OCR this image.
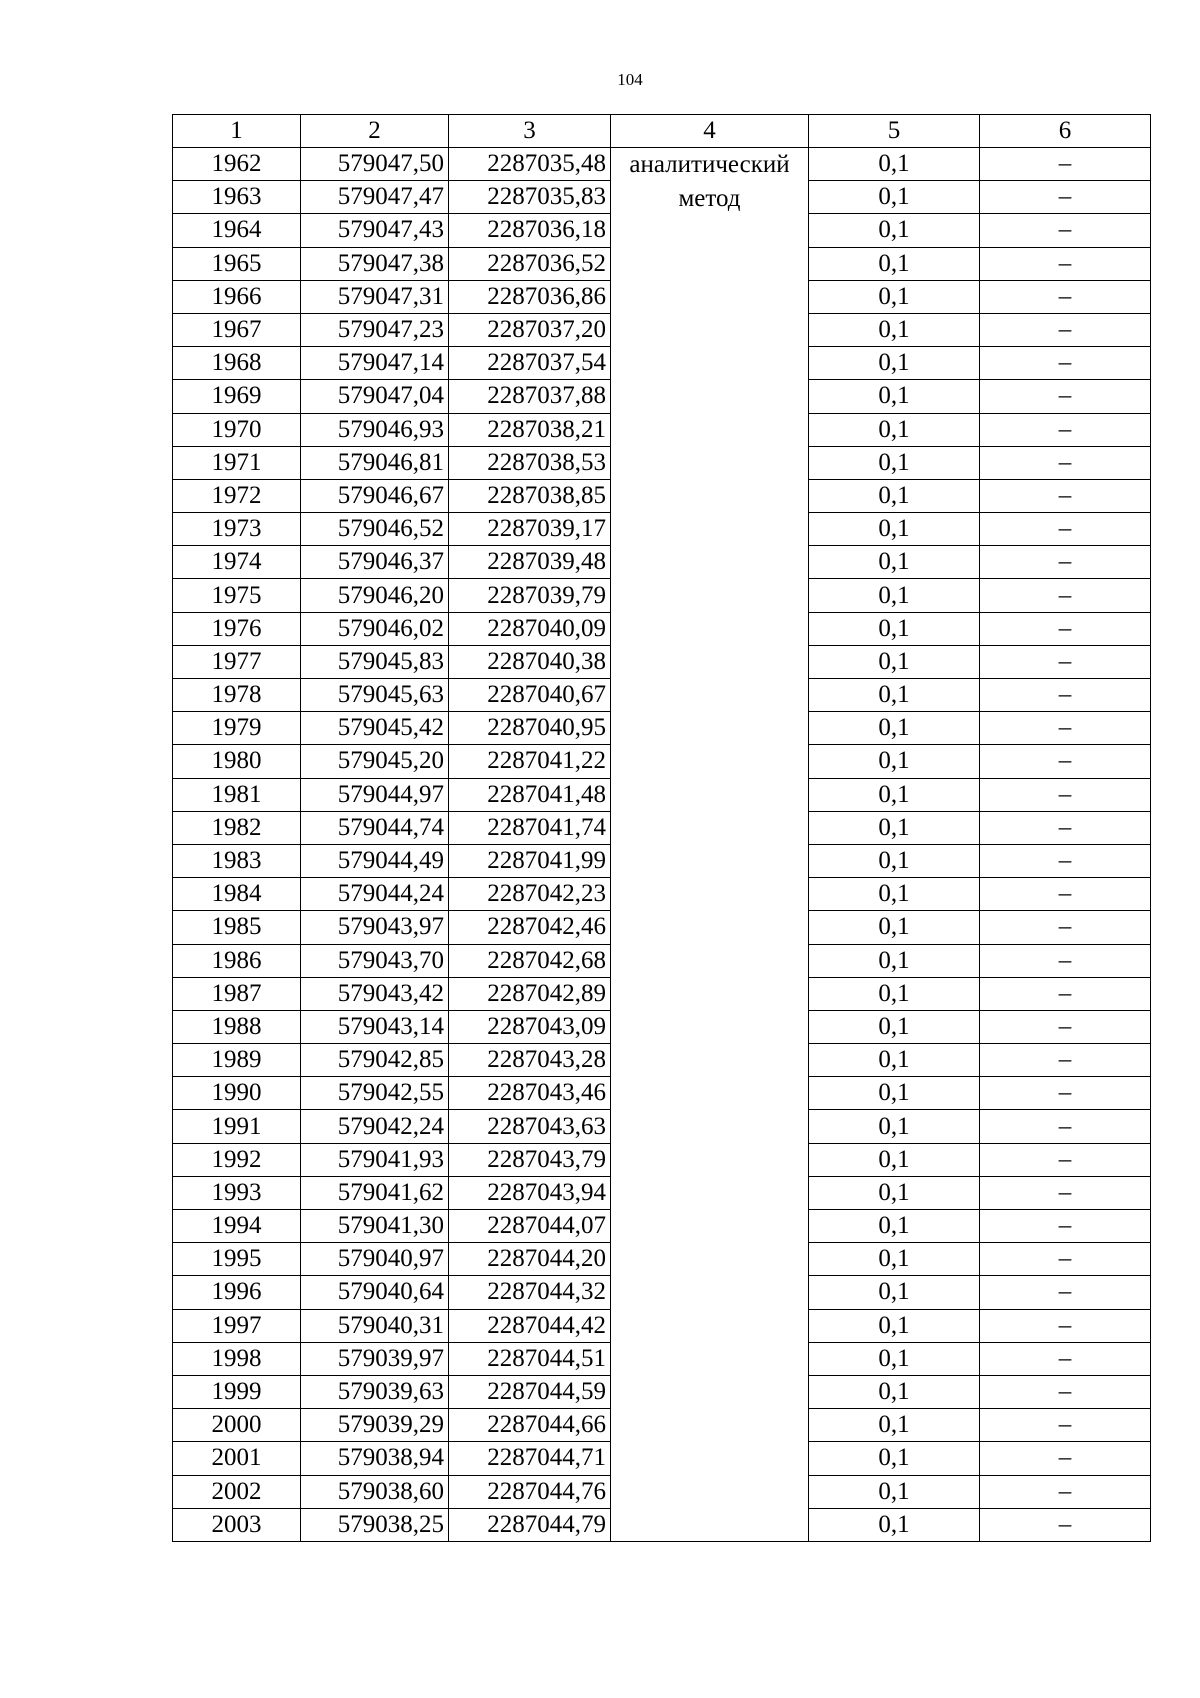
104
1	2	3	4	5	6
1962	579047,50	2287035,48	аналитический метод	0,1	–
1963	579047,47	2287035,83		0,1	–
1964	579047,43	2287036,18		0,1	–
1965	579047,38	2287036,52		0,1	–
1966	579047,31	2287036,86		0,1	–
1967	579047,23	2287037,20		0,1	–
1968	579047,14	2287037,54		0,1	–
1969	579047,04	2287037,88		0,1	–
1970	579046,93	2287038,21		0,1	–
1971	579046,81	2287038,53		0,1	–
1972	579046,67	2287038,85		0,1	–
1973	579046,52	2287039,17		0,1	–
1974	579046,37	2287039,48		0,1	–
1975	579046,20	2287039,79		0,1	–
1976	579046,02	2287040,09		0,1	–
1977	579045,83	2287040,38		0,1	–
1978	579045,63	2287040,67		0,1	–
1979	579045,42	2287040,95		0,1	–
1980	579045,20	2287041,22		0,1	–
1981	579044,97	2287041,48		0,1	–
1982	579044,74	2287041,74		0,1	–
1983	579044,49	2287041,99		0,1	–
1984	579044,24	2287042,23		0,1	–
1985	579043,97	2287042,46		0,1	–
1986	579043,70	2287042,68		0,1	–
1987	579043,42	2287042,89		0,1	–
1988	579043,14	2287043,09		0,1	–
1989	579042,85	2287043,28		0,1	–
1990	579042,55	2287043,46		0,1	–
1991	579042,24	2287043,63		0,1	–
1992	579041,93	2287043,79		0,1	–
1993	579041,62	2287043,94		0,1	–
1994	579041,30	2287044,07		0,1	–
1995	579040,97	2287044,20		0,1	–
1996	579040,64	2287044,32		0,1	–
1997	579040,31	2287044,42		0,1	–
1998	579039,97	2287044,51		0,1	–
1999	579039,63	2287044,59		0,1	–
2000	579039,29	2287044,66		0,1	–
2001	579038,94	2287044,71		0,1	–
2002	579038,60	2287044,76		0,1	–
2003	579038,25	2287044,79		0,1	–
